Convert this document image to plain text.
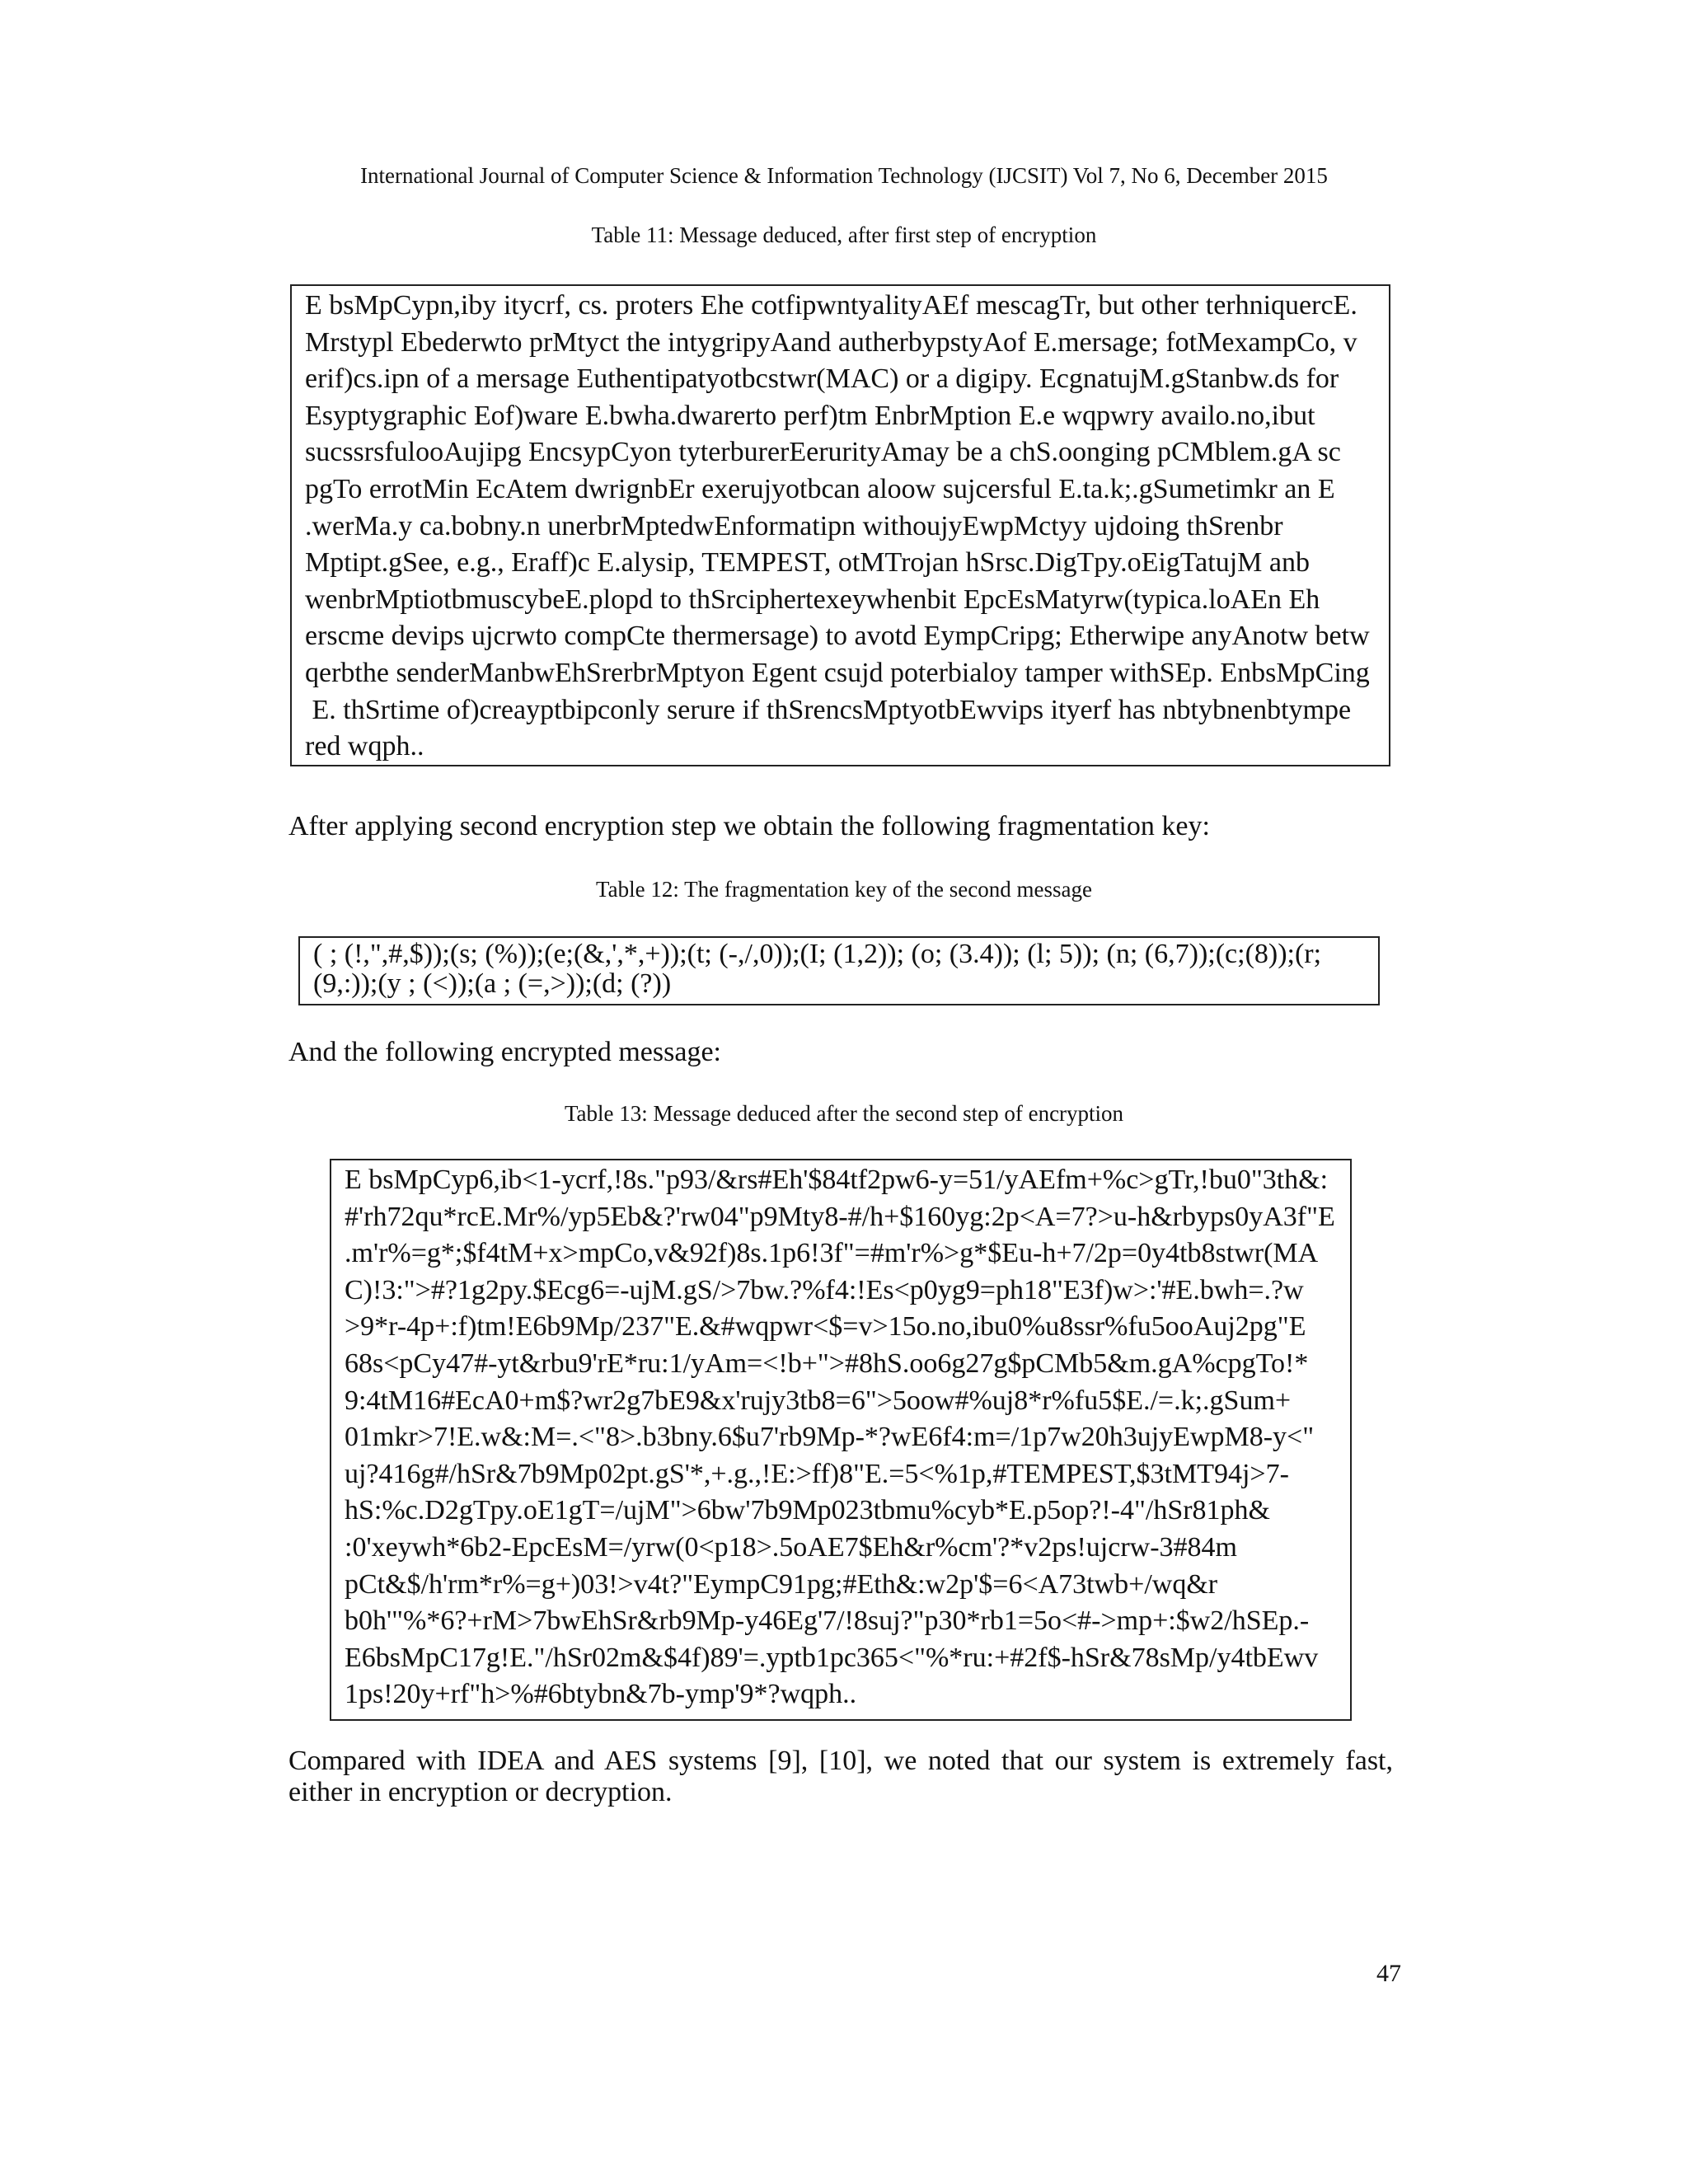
International Journal of Computer Science & Information Technology (IJCSIT) Vol 7, No 6, December 2015
Table 11: Message deduced, after first step of encryption
E bsMpCypn,iby itycrf, cs. proters Ehe cotfipwntyalityAEf mescagTr, but other terhniquercE.
Mrstypl Ebederwto prMtyct the intygripyAand autherbypstyAof E.mersage; fotMexampCo, v
erif)cs.ipn of a mersage Euthentipatyotbcstwr(MAC) or a digipy. EcgnatujM.gStanbw.ds for
Esyptygraphic Eof)ware E.bwha.dwarerto perf)tm EnbrMption E.e wqpwry availo.no,ibut
sucssrsfulooAujipg EncsypCyon tyterburerEerurityAmay be a chS.oonging pCMblem.gA sc
pgTo errotMin EcAtem dwrignbEr exerujyotbcan aloow sujcersful E.ta.k;.gSumetimkr an E
.werMa.y ca.bobny.n unerbrMptedwEnformatipn withoujyEwpMctyy ujdoing thSrenbr
Mptipt.gSee, e.g., Eraff)c E.alysip, TEMPEST, otMTrojan hSrsc.DigTpy.oEigTatujM anb
wenbrMptiotbmuscybeE.plopd to thSrciphertexeywhenbit EpcEsMatyrw(typica.loAEn Eh
erscme devips ujcrwto compCte thermersage) to avotd EympCripg; Etherwipe anyAnotw betw
qerbthe senderManbwEhSrerbrMptyon Egent csujd poterbialoy tamper withSEp. EnbsMpCing
E. thSrtime of)creayptbipconly serure if thSrencsMptyotbEwvips ityerf has nbtybnenbtympe
red wqph..

After applying second encryption step we obtain the following fragmentation key:

Table 12: The fragmentation key of the second message
( ; (!,",#,$));(s; (%));(e;(&,',*,+));(t; (-,/,0));(I; (1,2)); (o; (3.4)); (l; 5)); (n; (6,7));(c;(8));(r;
(9,:));(y ; (<));(a ; (=,>));(d; (?))

And the following encrypted message:

Table 13: Message deduced after the second step of encryption
E bsMpCyp6,ib<1-ycrf,!8s."p93/&rs#Eh'$84tf2pw6-y=51/yAEfm+%c>gTr,!bu0"3th&:
#'rh72qu*rcE.Mr%/yp5Eb&?'rw04"p9Mty8-#/h+$160yg:2p<A=7?>u-h&rbyps0yA3f"E
.m'r%=g*;$f4tM+x>mpCo,v&92f)8s.1p6!3f"=#m'r%>g*$Eu-h+7/2p=0y4tb8stwr(MA
C)!3:">#?1g2py.$Ecg6=-ujM.gS/>7bw.?%f4:!Es<p0yg9=ph18"E3f)w>:'#E.bwh=.?w
>9*r-4p+:f)tm!E6b9Mp/237"E.&#wqpwr<$=v>15o.no,ibu0%u8ssr%fu5ooAuj2pg"E
68s<pCy47#-yt&rbu9'rE*ru:1/yAm=<!b+">#8hS.oo6g27g$pCMb5&m.gA%cpgTo!*
9:4tM16#EcA0+m$?wr2g7bE9&x'rujy3tb8=6">5oow#%uj8*r%fu5$E./=.k;.gSum+
01mkr>7!E.w&:M=.<"8>.b3bny.6$u7'rb9Mp-*?wE6f4:m=/1p7w20h3ujyEwpM8-y<"
uj?416g#/hSr&7b9Mp02pt.gS'*,+.g.,!E:>ff)8"E.=5<%1p,#TEMPEST,$3tMT94j>7-
hS:%c.D2gTpy.oE1gT=/ujM">6bw'7b9Mp023tbmu%cyb*E.p5op?!-4"/hSr81ph&
:0'xeywh*6b2-EpcEsM=/yrw(0<p18>.5oAE7$Eh&r%cm'?*v2ps!ujcrw-3#84m
pCt&$/h'rm*r%=g+)03!>v4t?"EympC91pg;#Eth&:w2p'$=6<A73twb+/wq&r
b0h'"%*6?+rM>7bwEhSr&rb9Mp-y46Eg'7/!8suj?"p30*rb1=5o<#->mp+:$w2/hSEp.-
E6bsMpC17g!E."/hSr02m&$4f)89'=.yptb1pc365<"%*ru:+#2f$-hSr&78sMp/y4tbEwv
1ps!20y+rf"h>%#6btybn&7b-ymp'9*?wqph..

Compared with IDEA and AES systems [9], [10], we noted that our system is extremely fast, either in encryption or decryption.

47
